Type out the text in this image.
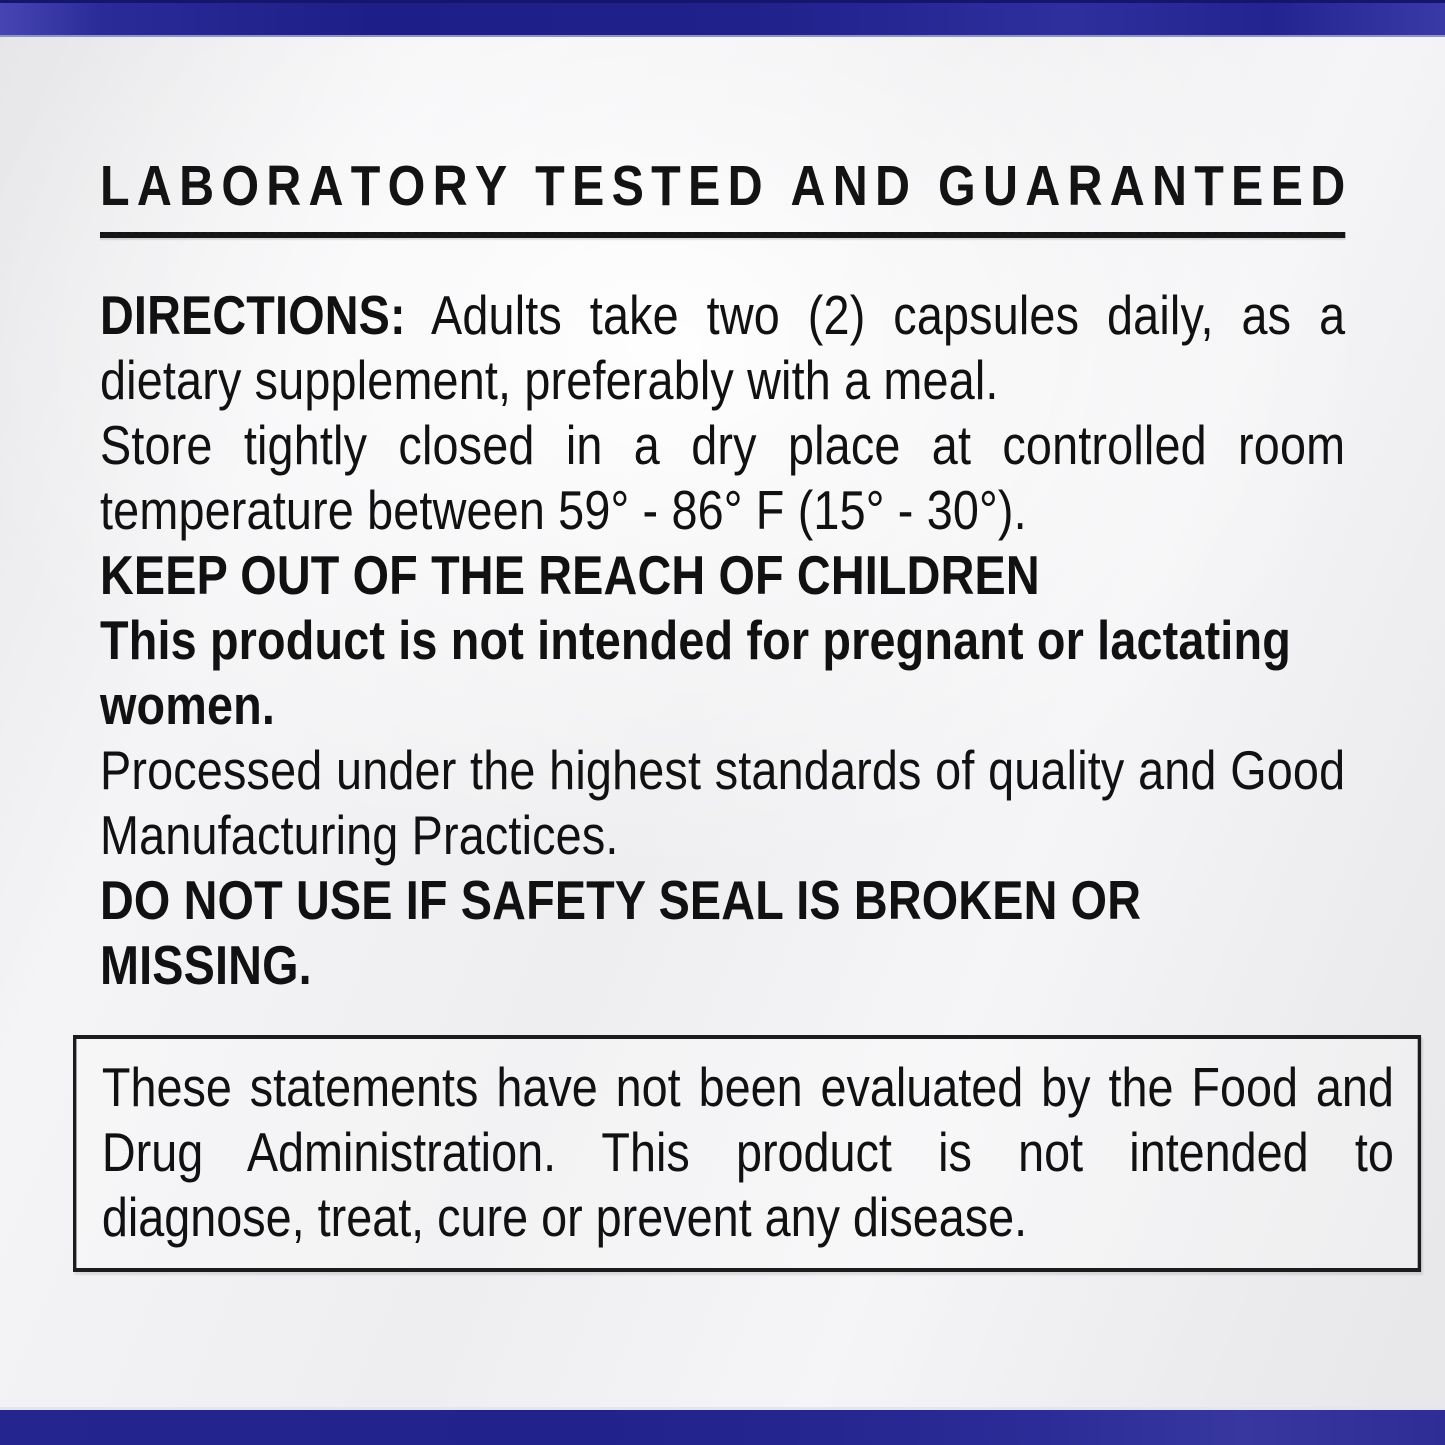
L A B O R A T O R Y
T E S T E D
A N D
G U A R A N T E E D
DIRECTIONS: Adults take two (2) capsules daily, as a
dietary supplement, preferably with a meal.
Store tightly closed in a dry place at controlled room
temperature between 59° - 86° F (15° - 30°).
KEEP OUT OF THE REACH OF CHILDREN
This product is not intended for pregnant or lactating
women.
Processed under the highest standards of quality and Good
Manufacturing Practices.
DO NOT USE IF SAFETY SEAL IS BROKEN OR MISSING.
These statements have not been evaluated by the Food and
Drug Administration. This product is not intended to
diagnose, treat, cure or prevent any disease.
